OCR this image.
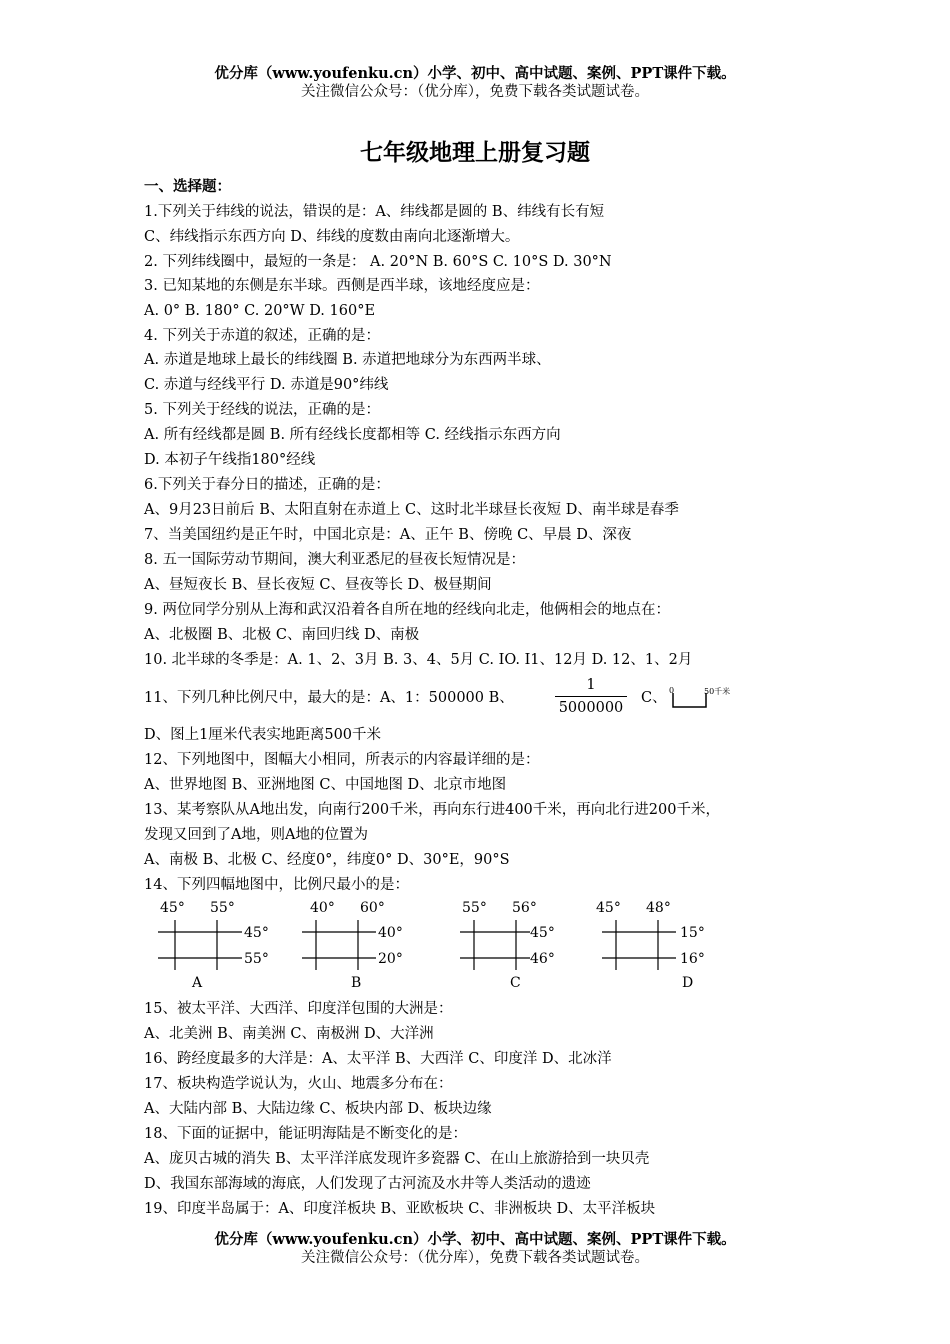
优分库（www.youfenku.cn）小学、初中、高中试题、案例、PPT课件下载。
关注微信公众号：（优分库），免费下载各类试题试卷。
七年级地理上册复习题
一、选择题：
1.下列关于纬线的说法，错误的是：A、纬线都是圆的 B、纬线有长有短
C、纬线指示东西方向 D、纬线的度数由南向北逐渐增大。
2. 下列纬线圈中，最短的一条是： A. 20°N B. 60°S C. 10°S D. 30°N
3. 已知某地的东侧是东半球。西侧是西半球，该地经度应是：
A. 0° B. 180° C. 20°W D. 160°E
4. 下列关于赤道的叙述，正确的是：
A. 赤道是地球上最长的纬线圈 B. 赤道把地球分为东西两半球、
C. 赤道与经线平行 D. 赤道是90°纬线
5. 下列关于经线的说法，正确的是：
A. 所有经线都是圆 B. 所有经线长度都相等 C. 经线指示东西方向
D. 本初子午线指180°经线
6.下列关于春分日的描述，正确的是：
A、9月23日前后 B、太阳直射在赤道上 C、这时北半球昼长夜短 D、南半球是春季
7、当美国纽约是正午时，中国北京是：A、正午 B、傍晚 C、早晨 D、深夜
8. 五一国际劳动节期间，澳大利亚悉尼的昼夜长短情况是：
A、昼短夜长 B、昼长夜短 C、昼夜等长 D、极昼期间
9. 两位同学分别从上海和武汉沿着各自所在地的经线向北走，他俩相会的地点在：
A、北极圈 B、北极 C、南回归线 D、南极
10. 北半球的冬季是：A. 1、2、3月 B. 3、4、5月 C. IO. I1、12月 D. 12、1、2月
11、下列几种比例尺中，最大的是：A、1：500000 B、
1
5000000
C、 0	50千米
D、图上1厘米代表实地距离500千米
12、下列地图中，图幅大小相同，所表示的内容最详细的是：
A、世界地图 B、亚洲地图 C、中国地图 D、北京市地图
13、某考察队从A地出发，向南行200千米，再向东行进400千米，再向北行进200千米，
发现又回到了A地，则A地的位置为
A、南极 B、北极 C、经度0°，纬度0° D、30°E，90°S
14、下列四幅地图中，比例尺最小的是：
45° 55°
45°
55°
A
40° 60°
40°
20°
B
55° 56°
45°
46°
C
45° 48°
15°
16°
D
15、被太平洋、大西洋、印度洋包围的大洲是：
A、北美洲 B、南美洲 C、南极洲 D、大洋洲
16、跨经度最多的大洋是：A、太平洋 B、大西洋 C、印度洋 D、北冰洋
17、板块构造学说认为，火山、地震多分布在：
A、大陆内部 B、大陆边缘 C、板块内部 D、板块边缘
18、下面的证据中，能证明海陆是不断变化的是：
A、庞贝古城的消失 B、太平洋洋底发现许多瓷器 C、在山上旅游拾到一块贝壳
D、我国东部海域的海底，人们发现了古河流及水井等人类活动的遗迹
19、印度半岛属于：A、印度洋板块 B、亚欧板块 C、非洲板块 D、太平洋板块
优分库（www.youfenku.cn）小学、初中、高中试题、案例、PPT课件下载。
关注微信公众号：（优分库），免费下载各类试题试卷。
